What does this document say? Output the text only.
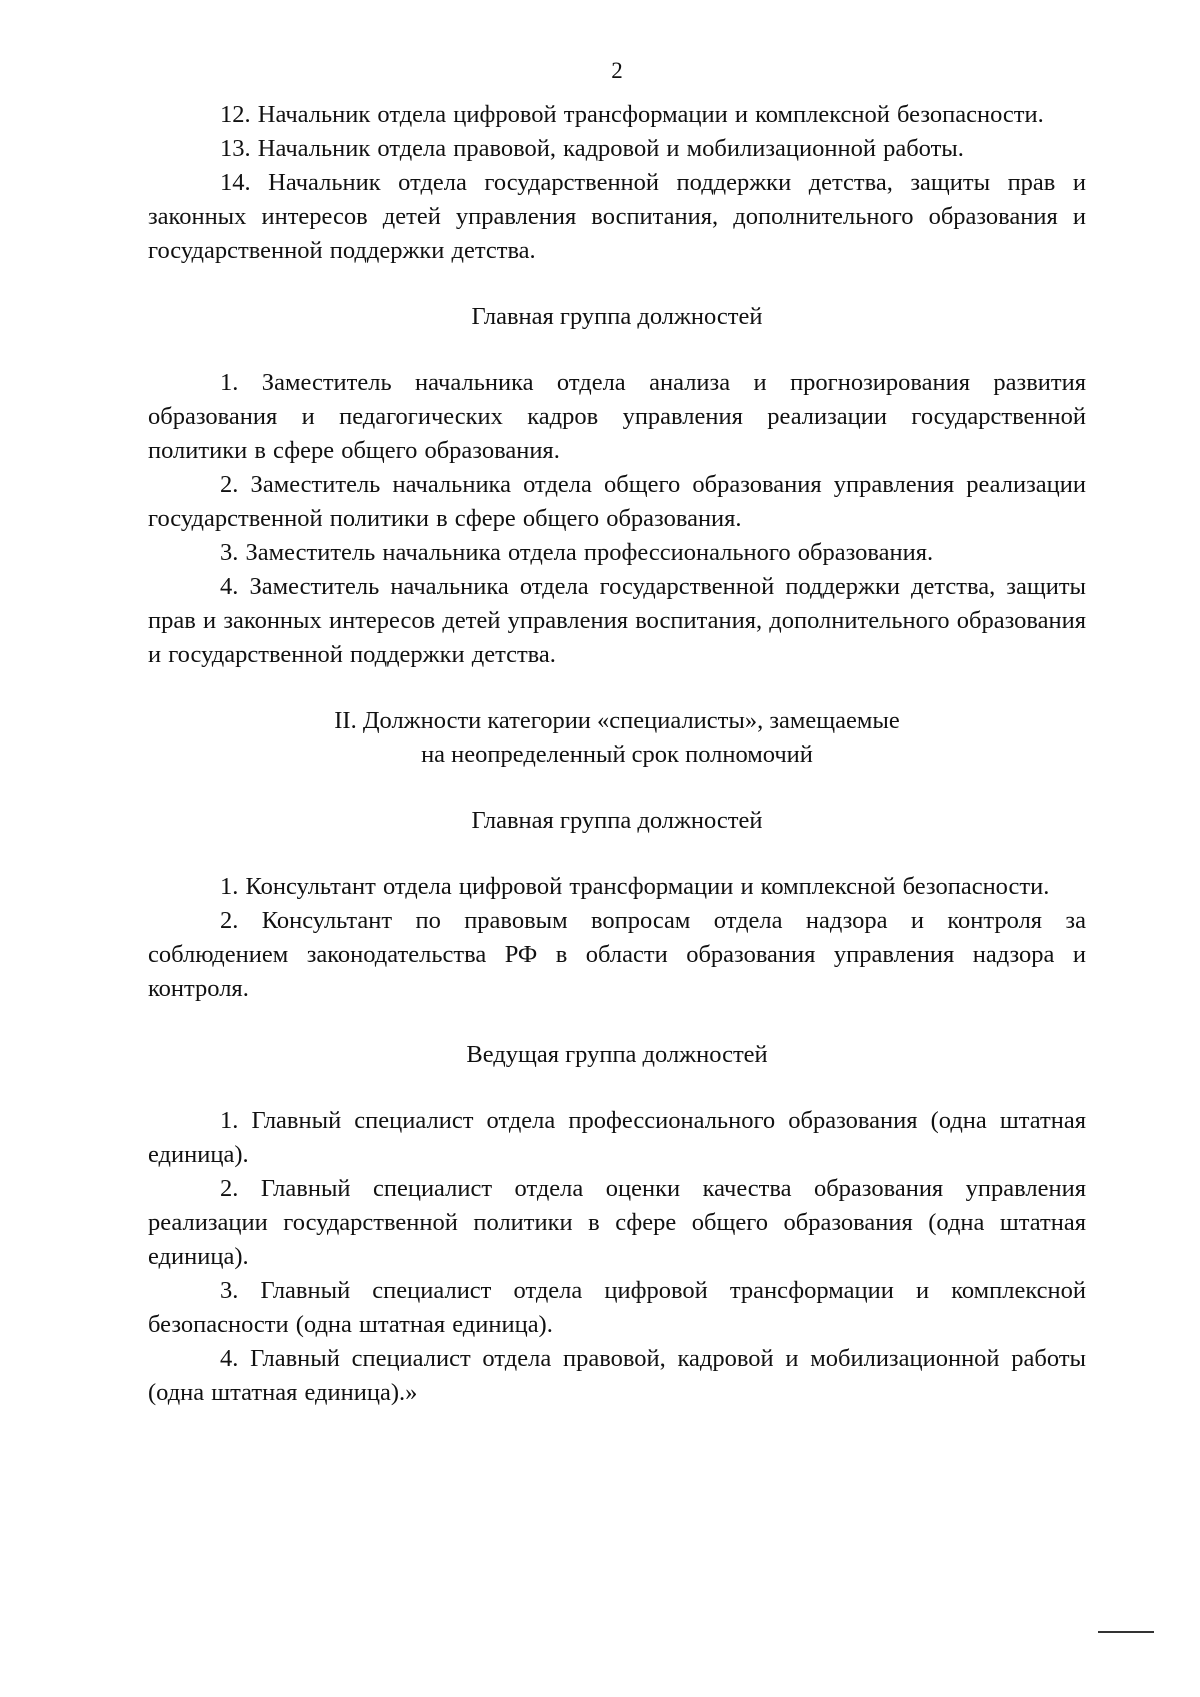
2

12. Начальник отдела цифровой трансформации и комплексной безопасности.

13. Начальник отдела правовой, кадровой и мобилизационной работы.

14. Начальник отдела государственной поддержки детства, защиты прав и законных интересов детей управления воспитания, дополнительного образования и государственной поддержки детства.

Главная группа должностей

1. Заместитель начальника отдела анализа и прогнозирования развития образования и педагогических кадров управления реализации государственной политики в сфере общего образования.

2. Заместитель начальника отдела общего образования управления реализации государственной политики в сфере общего образования.

3. Заместитель начальника отдела профессионального образования.

4. Заместитель начальника отдела государственной поддержки детства, защиты прав и законных интересов детей управления воспитания, дополнительного образования и государственной поддержки детства.

II. Должности категории «специалисты», замещаемые

на неопределенный срок полномочий

Главная группа должностей

1. Консультант отдела цифровой трансформации и комплексной безопасности.

2. Консультант по правовым вопросам отдела надзора и контроля за соблюдением законодательства РФ в области образования управления надзора и контроля.

Ведущая группа должностей

1. Главный специалист отдела профессионального образования (одна штатная единица).

2. Главный специалист отдела оценки качества образования управления реализации государственной политики в сфере общего образования (одна штатная единица).

3. Главный специалист отдела цифровой трансформации и комплексной безопасности (одна штатная единица).

4. Главный специалист отдела правовой, кадровой и мобилизационной работы (одна штатная единица).»
